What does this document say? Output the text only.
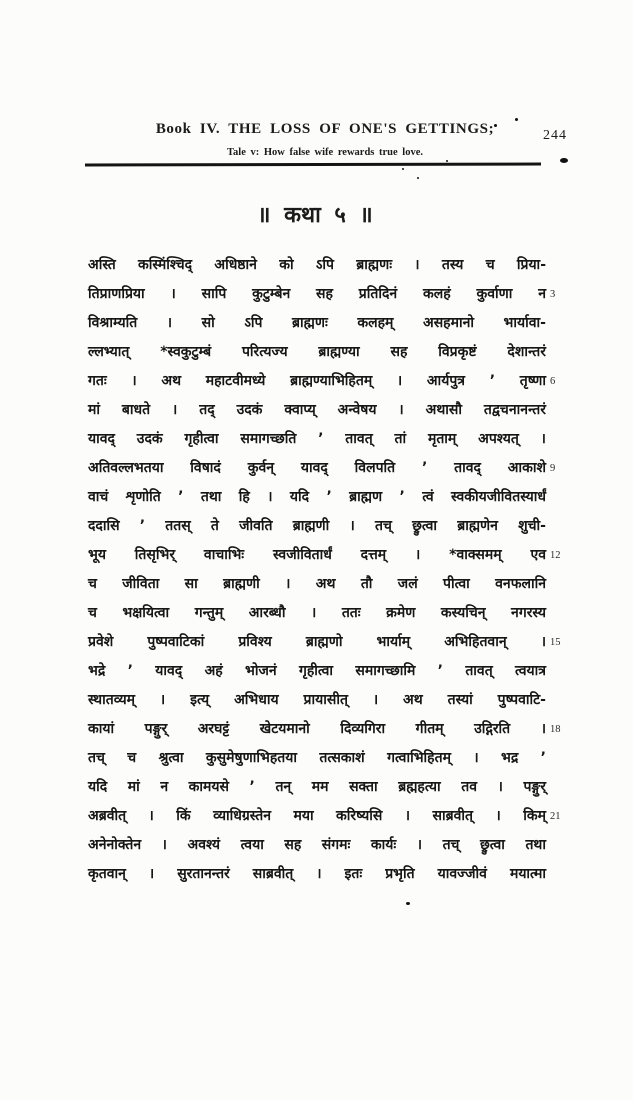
Book IV. THE LOSS OF ONE'S GETTINGS;	244
Tale v: How false wife rewards true love.
॥ कथा ५ ॥
अस्ति कस्मिंश्चिद् अधिष्ठाने को ऽपि ब्राह्मणः । तस्य च प्रिया-
तिप्राणप्रिया । सापि कुटुम्बेन सह प्रतिदिनं कलहं कुर्वाणा न 3
विश्राम्यति । सो ऽपि ब्राह्मणः कलहम् असहमानो भार्यावा-
ल्लभ्यात् *स्वकुटुम्बं परित्यज्य ब्राह्मण्या सह विप्रकृष्टं देशान्तरं
गतः । अथ महाटवीमध्ये ब्राह्मण्याभिहितम् । आर्यपुत्र ’ तृष्णा 6
मां बाधते । तद् उदकं क्वाप्य् अन्वेषय । अथासौ तद्वचनानन्तरं
यावद् उदकं गृहीत्वा समागच्छति ’ तावत् तां मृताम् अपश्यत् ।
अतिवल्लभतया विषादं कुर्वन् यावद् विलपति ’ तावद् आकाशे 9
वाचं शृणोति ’ तथा हि । यदि ’ ब्राह्मण ’ त्वं स्वकीयजीवितस्यार्धं
ददासि ’ ततस् ते जीवति ब्राह्मणी । तच् छ्रुत्वा ब्राह्मणेन शुची-
भूय तिसृभिर् वाचाभिः स्वजीवितार्धं दत्तम् । *वाक्समम् एव 12
च जीविता सा ब्राह्मणी । अथ तौ जलं पीत्वा वनफलानि
च भक्षयित्वा गन्तुम् आरब्धौ । ततः क्रमेण कस्यचिन् नगरस्य
प्रवेशे पुष्पवाटिकां प्रविश्य ब्राह्मणो भार्याम् अभिहितवान् । 15
भद्रे ’ यावद् अहं भोजनं गृहीत्वा समागच्छामि ’ तावत् त्वयात्र
स्थातव्यम् । इत्य् अभिधाय प्रायासीत् । अथ तस्यां पुष्पवाटि-
कायां पङ्गुर् अरघट्टं खेटयमानो दिव्यगिरा गीतम् उद्गिरति । 18
तच् च श्रुत्वा कुसुमेषुणाभिहतया तत्सकाशं गत्वाभिहितम् । भद्र ’
यदि मां न कामयसे ’ तन् मम सक्ता ब्रह्महत्या तव । पङ्गुर्
अब्रवीत् । किं व्याधिग्रस्तेन मया करिष्यसि । साब्रवीत् । किम् 21
अनेनोक्तेन । अवश्यं त्वया सह संगमः कार्यः । तच् छ्रुत्वा तथा
कृतवान् । सुरतानन्तरं साब्रवीत् । इतः प्रभृति यावज्जीवं मयात्मा
